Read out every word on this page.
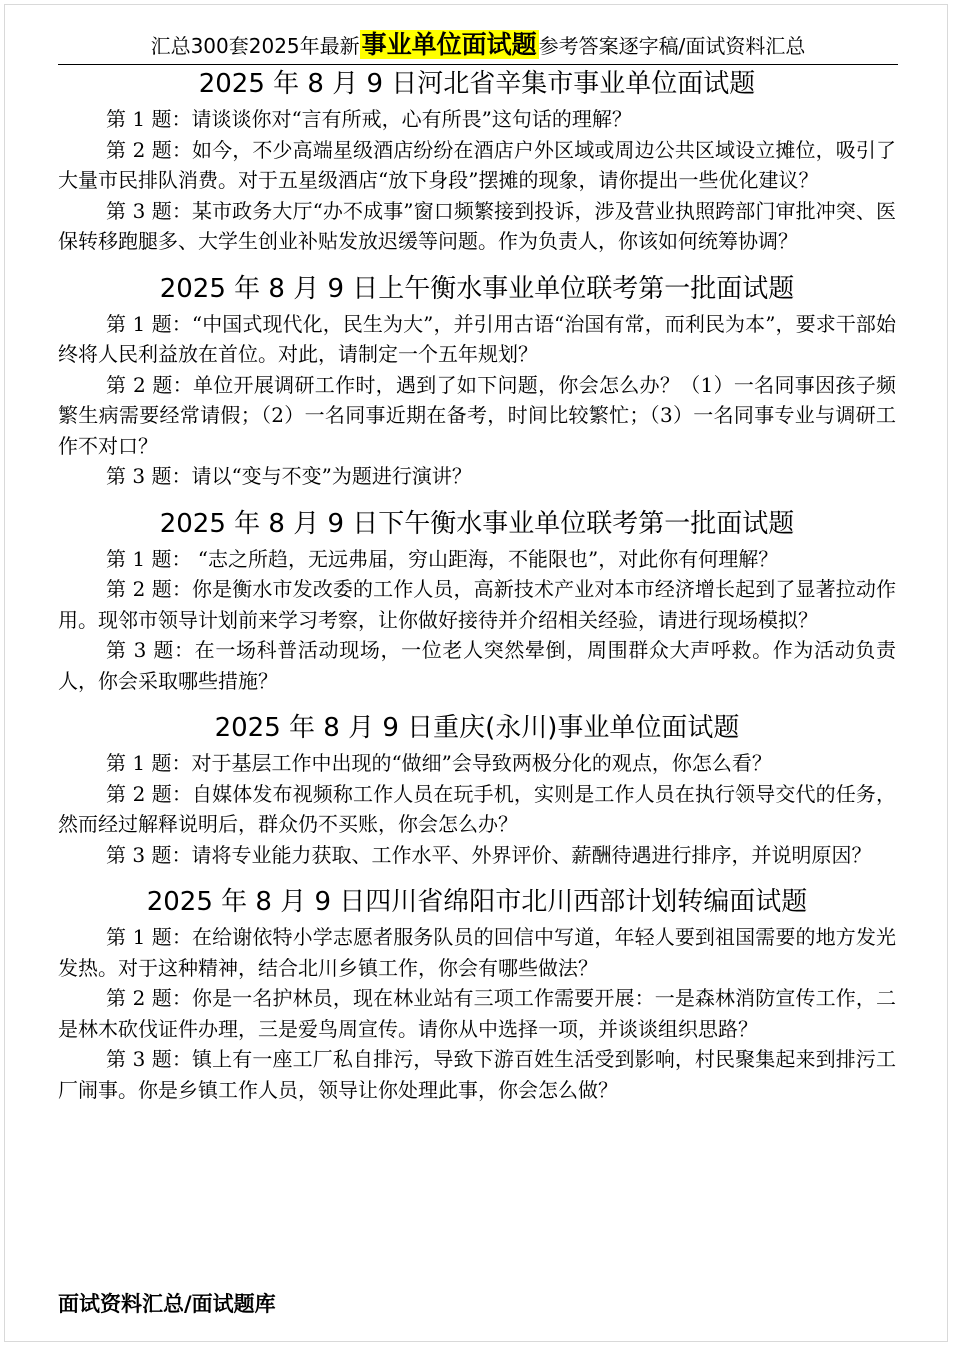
汇总300套2025年最新事业单位面试题 参考答案逐字稿/面试资料汇总
2025 年 8 月 9 日河北省辛集市事业单位面试题

第 1 题：请谈谈你对“言有所戒，心有所畏”这句话的理解？

第 2 题：如今，不少高端星级酒店纷纷在酒店户外区域或周边公共区域设立摊位，吸引了大量市民排队消费。对于五星级酒店“放下身段”摆摊的现象，请你提出一些优化建议？

第 3 题：某市政务大厅“办不成事”窗口频繁接到投诉，涉及营业执照跨部门审批冲突、医保转移跑腿多、大学生创业补贴发放迟缓等问题。作为负责人，你该如何统筹协调？

2025 年 8 月 9 日上午衡水事业单位联考第一批面试题

第 1 题：“中国式现代化，民生为大”，并引用古语“治国有常，而利民为本”，要求干部始终将人民利益放在首位。对此，请制定一个五年规划？

第 2 题：单位开展调研工作时，遇到了如下问题，你会怎么办？（1）一名同事因孩子频繁生病需要经常请假；（2）一名同事近期在备考，时间比较繁忙；（3）一名同事专业与调研工作不对口？

第 3 题：请以“变与不变”为题进行演讲？

2025 年 8 月 9 日下午衡水事业单位联考第一批面试题

第 1 题： “志之所趋，无远弗届，穷山距海，不能限也”，对此你有何理解？

第 2 题：你是衡水市发改委的工作人员，高新技术产业对本市经济增长起到了显著拉动作用。现邻市领导计划前来学习考察，让你做好接待并介绍相关经验，请进行现场模拟？

第 3 题：在一场科普活动现场，一位老人突然晕倒，周围群众大声呼救。作为活动负责人，你会采取哪些措施？

2025 年 8 月 9 日重庆(永川)事业单位面试题

第 1 题：对于基层工作中出现的“做细”会导致两极分化的观点，你怎么看？

第 2 题：自媒体发布视频称工作人员在玩手机，实则是工作人员在执行领导交代的任务，然而经过解释说明后，群众仍不买账，你会怎么办？

第 3 题：请将专业能力获取、工作水平、外界评价、薪酬待遇进行排序，并说明原因？

2025 年 8 月 9 日四川省绵阳市北川西部计划转编面试题

第 1 题：在给谢依特小学志愿者服务队员的回信中写道，年轻人要到祖国需要的地方发光发热。对于这种精神，结合北川乡镇工作，你会有哪些做法？

第 2 题：你是一名护林员，现在林业站有三项工作需要开展：一是森林消防宣传工作，二是林木砍伐证件办理，三是爱鸟周宣传。请你从中选择一项，并谈谈组织思路？

第 3 题：镇上有一座工厂私自排污，导致下游百姓生活受到影响，村民聚集起来到排污工厂闹事。你是乡镇工作人员，领导让你处理此事，你会怎么做？

面试资料汇总/面试题库
